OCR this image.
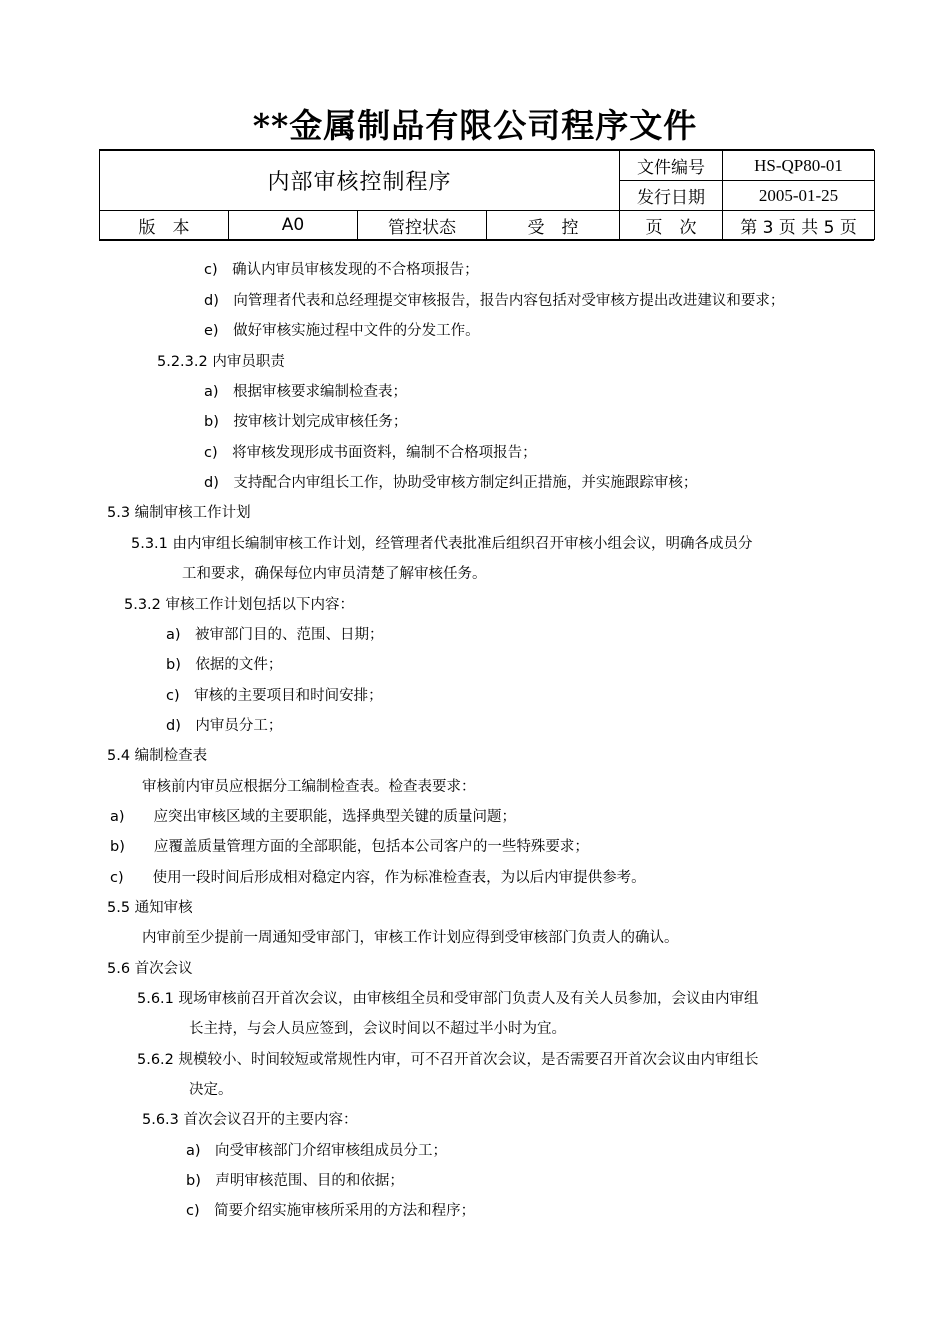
**金属制品有限公司程序文件
内部审核控制程序				文件编号	HS-QP80-01
				发行日期	2005-01-25
版　本	A0	管控状态	受　控	页　次	第 3 页 共 5 页
c)　确认内审员审核发现的不合格项报告；
d)　向管理者代表和总经理提交审核报告，报告内容包括对受审核方提出改进建议和要求；
e)　做好审核实施过程中文件的分发工作。
5.2.3.2 内审员职责
a)　根据审核要求编制检查表；
b)　按审核计划完成审核任务；
c)　将审核发现形成书面资料，编制不合格项报告；
d)　支持配合内审组长工作，协助受审核方制定纠正措施，并实施跟踪审核；
5.3 编制审核工作计划
5.3.1 由内审组长编制审核工作计划，经管理者代表批准后组织召开审核小组会议，明确各成员分
工和要求，确保每位内审员清楚了解审核任务。
5.3.2 审核工作计划包括以下内容：
a)　被审部门目的、范围、日期；
b)　依据的文件；
c)　审核的主要项目和时间安排；
d)　内审员分工；
5.4 编制检查表
审核前内审员应根据分工编制检查表。检查表要求：
a)　　应突出审核区域的主要职能，选择典型关键的质量问题；
b)　　应覆盖质量管理方面的全部职能，包括本公司客户的一些特殊要求；
c)　　使用一段时间后形成相对稳定内容，作为标准检查表，为以后内审提供参考。
5.5 通知审核
内审前至少提前一周通知受审部门，审核工作计划应得到受审核部门负责人的确认。
5.6 首次会议
5.6.1 现场审核前召开首次会议，由审核组全员和受审部门负责人及有关人员参加，会议由内审组
长主持，与会人员应签到，会议时间以不超过半小时为宜。
5.6.2 规模较小、时间较短或常规性内审，可不召开首次会议，是否需要召开首次会议由内审组长
决定。
5.6.3 首次会议召开的主要内容：
a)　向受审核部门介绍审核组成员分工；
b)　声明审核范围、目的和依据；
c)　简要介绍实施审核所采用的方法和程序；
